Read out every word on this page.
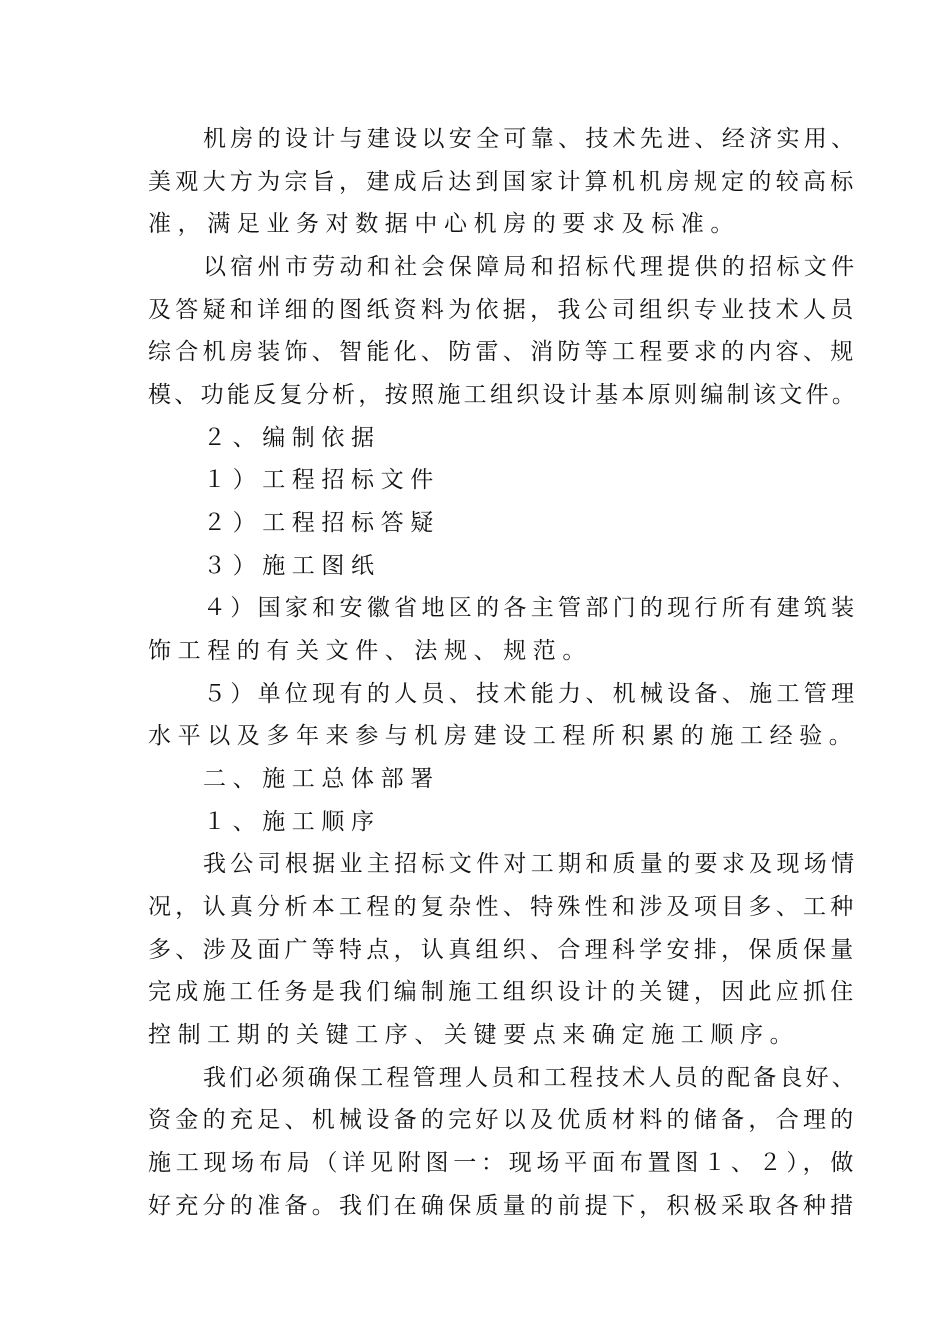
机房的设计与建设以安全可靠、技术先进、经济实用、
美观大方为宗旨，建成后达到国家计算机机房规定的较高标
准，满足业务对数据中心机房的要求及标准。
以宿州市劳动和社会保障局和招标代理提供的招标文件
及答疑和详细的图纸资料为依据，我公司组织专业技术人员
综合机房装饰、智能化、防雷、消防等工程要求的内容、规
模、功能反复分析，按照施工组织设计基本原则编制该文件。
２、编制依据
１）工程招标文件
２）工程招标答疑
３）施工图纸
４）国家和安徽省地区的各主管部门的现行所有建筑装
饰工程的有关文件、法规、规范。
５）单位现有的人员、技术能力、机械设备、施工管理
水平以及多年来参与机房建设工程所积累的施工经验。
二、施工总体部署
１、施工顺序
我公司根据业主招标文件对工期和质量的要求及现场情
况，认真分析本工程的复杂性、特殊性和涉及项目多、工种
多、涉及面广等特点，认真组织、合理科学安排，保质保量
完成施工任务是我们编制施工组织设计的关键，因此应抓住
控制工期的关键工序、关键要点来确定施工顺序。
我们必须确保工程管理人员和工程技术人员的配备良好、
资金的充足、机械设备的完好以及优质材料的储备，合理的
施工现场布局（详见附图一：现场平面布置图１、２），做
好充分的准备。我们在确保质量的前提下，积极采取各种措
